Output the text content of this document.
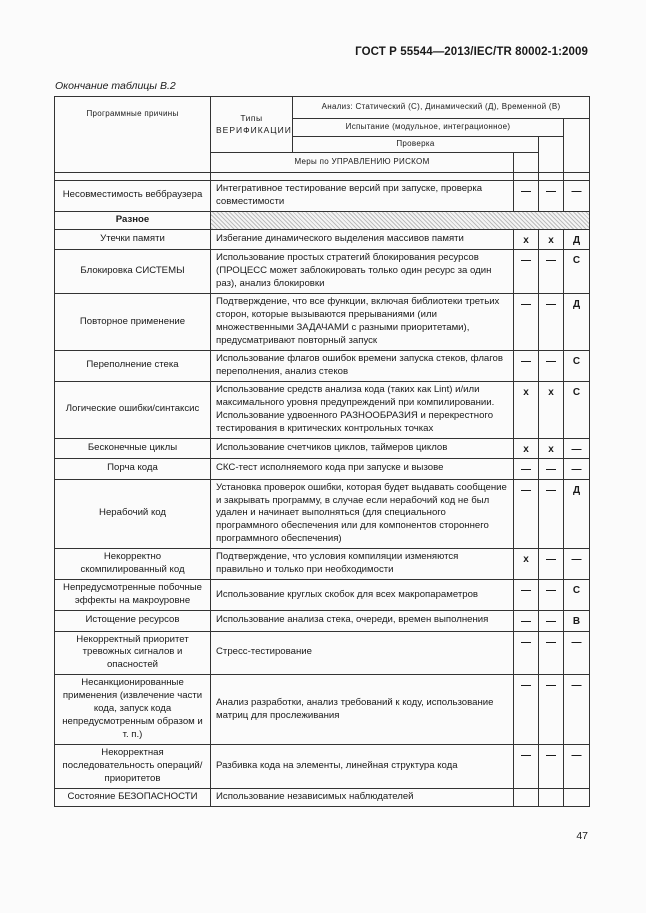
ГОСТ Р 55544—2013/IEC/TR 80002-1:2009
Окончание таблицы В.2
Программные причины	Типы
ВЕРИФИКАЦИИ	Анализ: Статический (С), Динамический (Д), Временной (В)			
		Испытание (модульное, интеграционное)			
		Проверка			
	Меры по УПРАВЛЕНИЮ РИСКОМ				

Несовместимость веббраузера	Интегративное тестирование версий при запуске, проверка совместимости		—	—	—
Разное					
Утечки памяти	Избегание динамического выделения массивов памяти		х	х	Д
Блокировка СИСТЕМЫ	Использование простых стратегий блокирования ресурсов (ПРОЦЕСС может заблокировать только один ресурс за один раз), анализ блокировки		—	—	С
Повторное применение	Подтверждение, что все функции, включая библиотеки третьих сторон, которые вызываются прерываниями (или множественными ЗАДАЧАМИ с разными приоритетами), предусматривают повторный запуск		—	—	Д
Переполнение стека	Использование флагов ошибок времени запуска стеков, флагов переполнения, анализ стеков		—	—	С
Логические ошибки/синтаксис	Использование средств анализа кода (таких как Lint) и/или максимального уровня предупреждений при компилировании. Использование удвоенного РАЗНООБРАЗИЯ и перекрестного тестирования в критических контрольных точках		х	х	С
Бесконечные циклы	Использование счетчиков циклов, таймеров циклов		х	х	—
Порча кода	СКС-тест исполняемого кода при запуске и вызове		—	—	—
Нерабочий код	Установка проверок ошибки, которая будет выдавать сообщение и закрывать программу, в случае если нерабочий код не был удален и начинает выполняться (для специального программного обеспечения или для компонентов стороннего программного обеспечения)		—	—	Д
Некорректно скомпилированный код	Подтверждение, что условия компиляции изменяются правильно и только при необходимости		х	—	—
Непредусмотренные побочные эффекты на макроуровне	Использование круглых скобок для всех макропараметров		—	—	С
Истощение ресурсов	Использование анализа стека, очереди, времен выполнения		—	—	В
Некорректный приоритет тревожных сигналов и опасностей	Стресс-тестирование		—	—	—
Несанкционированные применения (извлечение части кода, запуск кода непредусмотренным образом и т. п.)	Анализ разработки, анализ требований к коду, использование матриц для прослеживания		—	—	—
Некорректная последовательность операций/приоритетов	Разбивка кода на элементы, линейная структура кода		—	—	—
Состояние БЕЗОПАСНОСТИ	Использование независимых наблюдателей				
47
